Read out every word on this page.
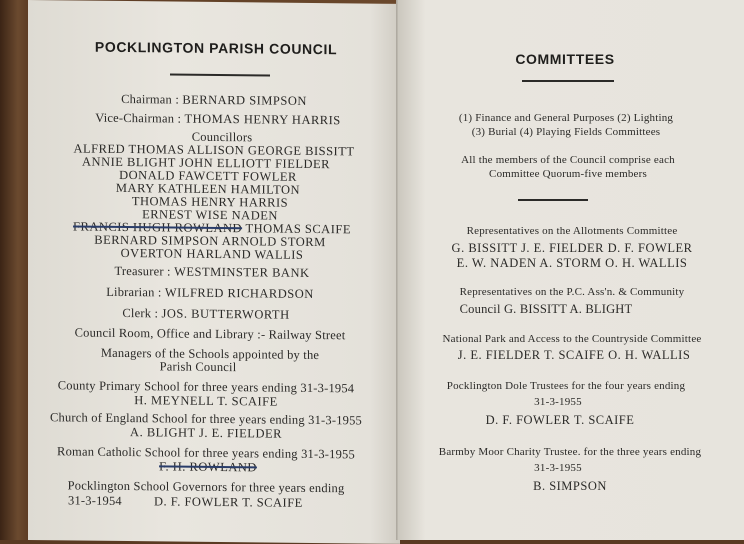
POCKLINGTON PARISH COUNCIL
Chairman : BERNARD SIMPSON
Vice-Chairman : THOMAS HENRY HARRIS
Councillors
ALFRED THOMAS ALLISON GEORGE BISSITT
ANNIE BLIGHT JOHN ELLIOTT FIELDER
DONALD FAWCETT FOWLER
MARY KATHLEEN HAMILTON
THOMAS HENRY HARRIS
ERNEST WISE NADEN
FRANCIS HUGH ROWLAND THOMAS SCAIFE
BERNARD SIMPSON ARNOLD STORM
OVERTON HARLAND WALLIS
Treasurer : WESTMINSTER BANK
Librarian : WILFRED RICHARDSON
Clerk : JOS. BUTTERWORTH
Council Room, Office and Library :- Railway Street
Managers of the Schools appointed by the
Parish Council
County Primary School for three years ending 31-3-1954
H. MEYNELL T. SCAIFE
Church of England School for three years ending 31-3-1955
A. BLIGHT J. E. FIELDER
Roman Catholic School for three years ending 31-3-1955
F. H. ROWLAND
Pocklington School Governors for three years ending
31-3-1954	D. F. FOWLER T. SCAIFE
COMMITTEES
(1) Finance and General Purposes (2) Lighting
(3) Burial (4) Playing Fields Committees
All the members of the Council comprise each
Committee Quorum-five members
Representatives on the Allotments Committee
G. BISSITT J. E. FIELDER D. F. FOWLER
E. W. NADEN A. STORM O. H. WALLIS
Representatives on the P.C. Ass'n. & Community
Council G. BISSITT A. BLIGHT
National Park and Access to the Countryside Committee
J. E. FIELDER T. SCAIFE O. H. WALLIS
Pocklington Dole Trustees for the four years ending
31-3-1955
D. F. FOWLER T. SCAIFE
Barmby Moor Charity Trustee. for the three years ending
31-3-1955
B. SIMPSON
